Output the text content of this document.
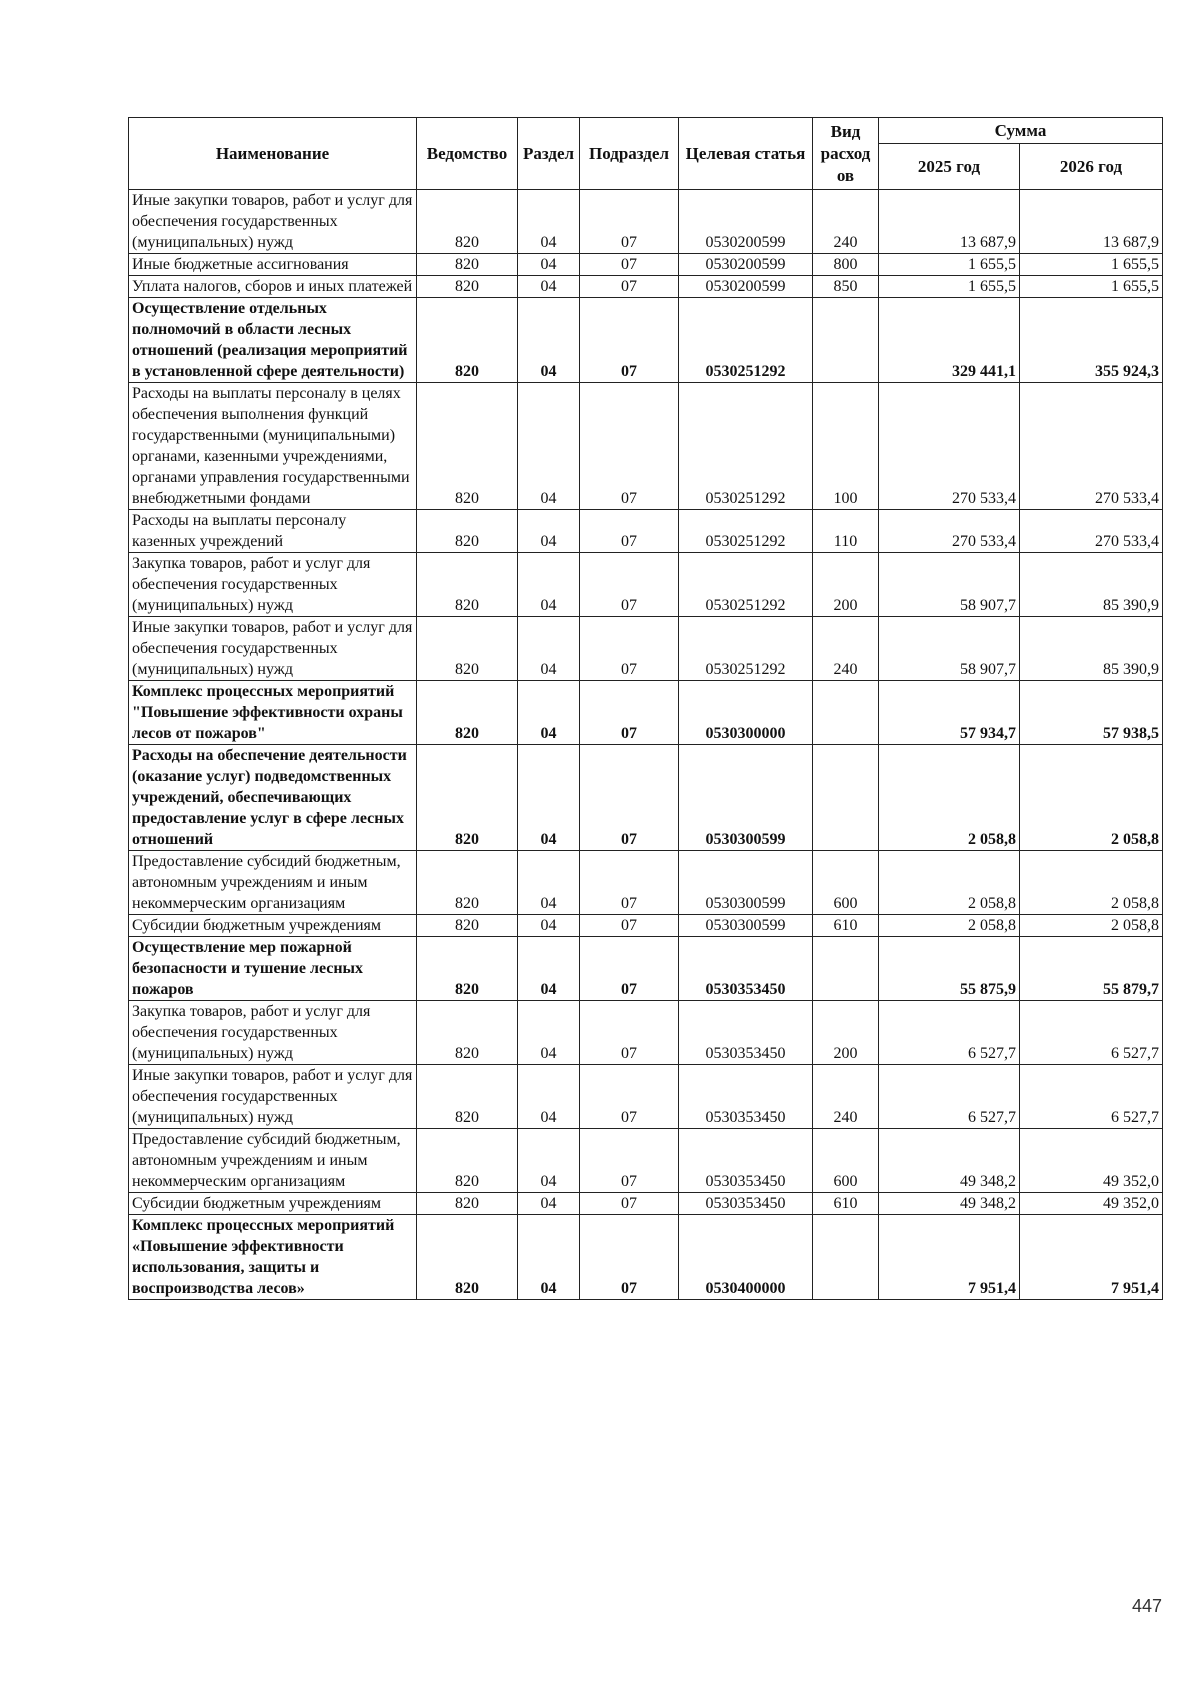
Наименование	Ведомство	Раздел	Подраздел	Целевая статья	Вид расход ов	Сумма	
						2025 год	2026 год
Иные закупки товаров, работ и услуг для обеспечения государственных (муниципальных) нужд	820	04	07	0530200599	240	13 687,9	13 687,9
Иные бюджетные ассигнования	820	04	07	0530200599	800	1 655,5	1 655,5
Уплата налогов, сборов и иных платежей	820	04	07	0530200599	850	1 655,5	1 655,5
Осуществление отдельных полномочий в области лесных отношений (реализация мероприятий в установленной сфере деятельности)	820	04	07	0530251292		329 441,1	355 924,3
Расходы на выплаты персоналу в целях обеспечения выполнения функций государственными (муниципальными) органами, казенными учреждениями, органами управления государственными внебюджетными фондами	820	04	07	0530251292	100	270 533,4	270 533,4
Расходы на выплаты персоналу казенных учреждений	820	04	07	0530251292	110	270 533,4	270 533,4
Закупка товаров, работ и услуг для обеспечения государственных (муниципальных) нужд	820	04	07	0530251292	200	58 907,7	85 390,9
Иные закупки товаров, работ и услуг для обеспечения государственных (муниципальных) нужд	820	04	07	0530251292	240	58 907,7	85 390,9
Комплекс процессных мероприятий "Повышение эффективности охраны лесов от пожаров"	820	04	07	0530300000		57 934,7	57 938,5
Расходы на обеспечение деятельности (оказание услуг) подведомственных учреждений, обеспечивающих предоставление услуг в сфере лесных отношений	820	04	07	0530300599		2 058,8	2 058,8
Предоставление субсидий бюджетным, автономным учреждениям и иным некоммерческим организациям	820	04	07	0530300599	600	2 058,8	2 058,8
Субсидии бюджетным учреждениям	820	04	07	0530300599	610	2 058,8	2 058,8
Осуществление мер пожарной безопасности и тушение лесных пожаров	820	04	07	0530353450		55 875,9	55 879,7
Закупка товаров, работ и услуг для обеспечения государственных (муниципальных) нужд	820	04	07	0530353450	200	6 527,7	6 527,7
Иные закупки товаров, работ и услуг для обеспечения государственных (муниципальных) нужд	820	04	07	0530353450	240	6 527,7	6 527,7
Предоставление субсидий бюджетным, автономным учреждениям и иным некоммерческим организациям	820	04	07	0530353450	600	49 348,2	49 352,0
Субсидии бюджетным учреждениям	820	04	07	0530353450	610	49 348,2	49 352,0
Комплекс процессных мероприятий «Повышение эффективности использования, защиты и воспроизводства лесов»	820	04	07	0530400000		7 951,4	7 951,4
447
